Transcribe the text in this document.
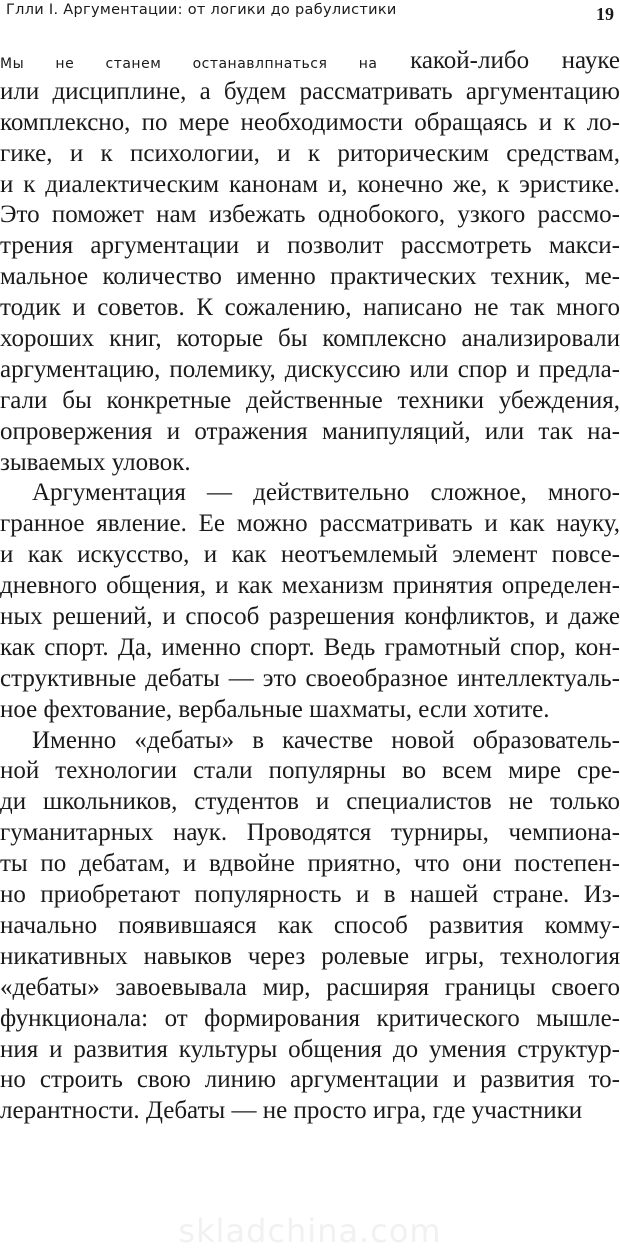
Глли I. Аргументации: от логики до рабулистики	19
Мы не станем останавлпнаться на какой-либо науке
или дисциплине, а будем рассматривать аргументацию
комплексно, по мере необходимости обращаясь и к ло-
гике, и к психологии, и к риторическим средствам,
и к диалектическим канонам и, конечно же, к эристике.
Это поможет нам избежать однобокого, узкого рассмо-
трения аргументации и позволит рассмотреть макси-
мальное количество именно практических техник, ме-
тодик и советов. К сожалению, написано не так много
хороших книг, которые бы комплексно анализировали
аргументацию, полемику, дискуссию или спор и предла-
гали бы конкретные действенные техники убеждения,
опровержения и отражения манипуляций, или так на-
зываемых уловок.
Аргументация — действительно сложное, много-
гранное явление. Ее можно рассматривать и как науку,
и как искусство, и как неотъемлемый элемент повсе-
дневного общения, и как механизм принятия определен-
ных решений, и способ разрешения конфликтов, и даже
как спорт. Да, именно спорт. Ведь грамотный спор, кон-
структивные дебаты — это своеобразное интеллектуаль-
ное фехтование, вербальные шахматы, если хотите.
Именно «дебаты» в качестве новой образователь-
ной технологии стали популярны во всем мире сре-
ди школьников, студентов и специалистов не только
гуманитарных наук. Проводятся турниры, чемпиона-
ты по дебатам, и вдвойне приятно, что они постепен-
но приобретают популярность и в нашей стране. Из-
начально появившаяся как способ развития комму-
никативных навыков через ролевые игры, технология
«дебаты» завоевывала мир, расширяя границы своего
функционала: от формирования критического мышле-
ния и развития культуры общения до умения структур-
но строить свою линию аргументации и развития то-
лерантности. Дебаты — не просто игра, где участники
skladchina.com
